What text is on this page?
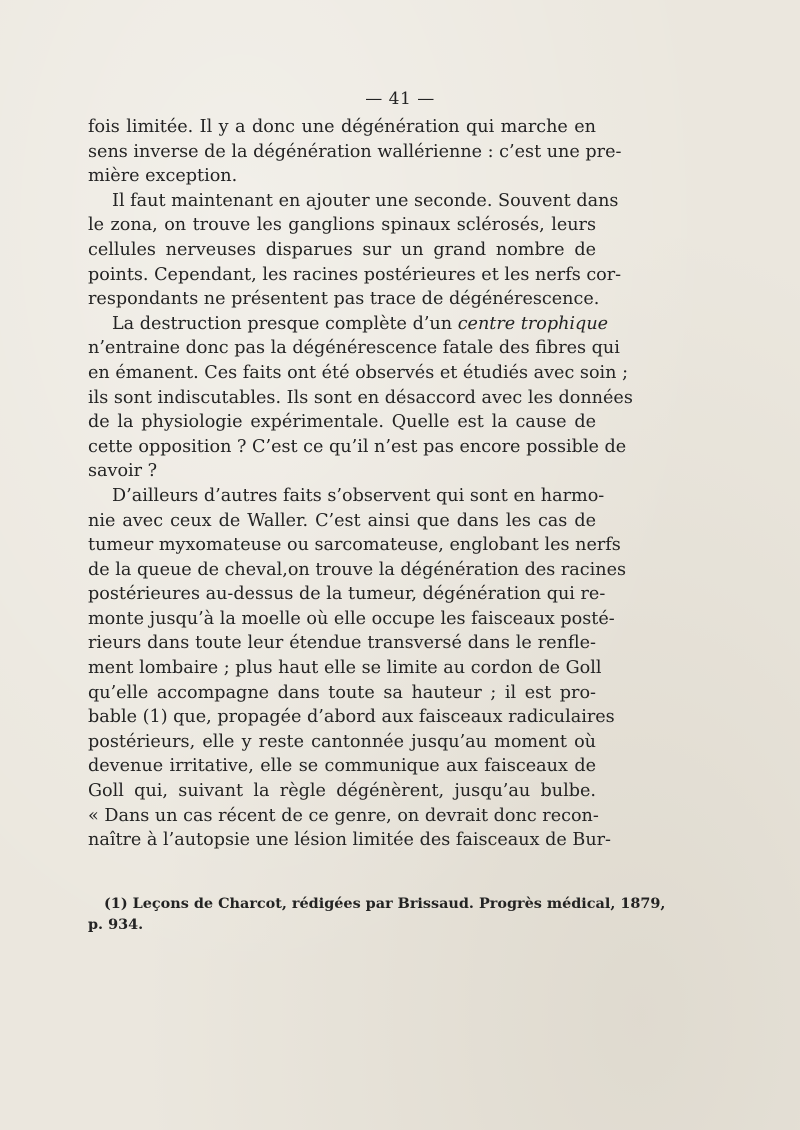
— 41 —
fois limitée. Il y a donc une dégénération qui marche en
sens inverse de la dégénération wallérienne : c’est une pre-
mière exception.
Il faut maintenant en ajouter une seconde. Souvent dans
le zona, on trouve les ganglions spinaux sclérosés, leurs
cellules nerveuses disparues sur un grand nombre de
points. Cependant, les racines postérieures et les nerfs cor-
respondants ne présentent pas trace de dégénérescence.
La destruction presque complète d’un centre trophique
n’entraine donc pas la dégénérescence fatale des fibres qui
en émanent. Ces faits ont été observés et étudiés avec soin ;
ils sont indiscutables. Ils sont en désaccord avec les données
de la physiologie expérimentale. Quelle est la cause de
cette opposition ? C’est ce qu’il n’est pas encore possible de
savoir ?
D’ailleurs d’autres faits s’observent qui sont en harmo-
nie avec ceux de Waller. C’est ainsi que dans les cas de
tumeur myxomateuse ou sarcomateuse, englobant les nerfs
de la queue de cheval,on trouve la dégénération des racines
postérieures au-dessus de la tumeur, dégénération qui re-
monte jusqu’à la moelle où elle occupe les faisceaux posté-
rieurs dans toute leur étendue transversé dans le renfle-
ment lombaire ; plus haut elle se limite au cordon de Goll
qu’elle accompagne dans toute sa hauteur ; il est pro-
bable (1) que, propagée d’abord aux faisceaux radiculaires
postérieurs, elle y reste cantonnée jusqu’au moment où
devenue irritative, elle se communique aux faisceaux de
Goll qui, suivant la règle dégénèrent, jusqu’au bulbe.
« Dans un cas récent de ce genre, on devrait donc recon-
naître à l’autopsie une lésion limitée des faisceaux de Bur-
(1) Leçons de Charcot, rédigées par Brissaud. Progrès médical, 1879,
p. 934.
